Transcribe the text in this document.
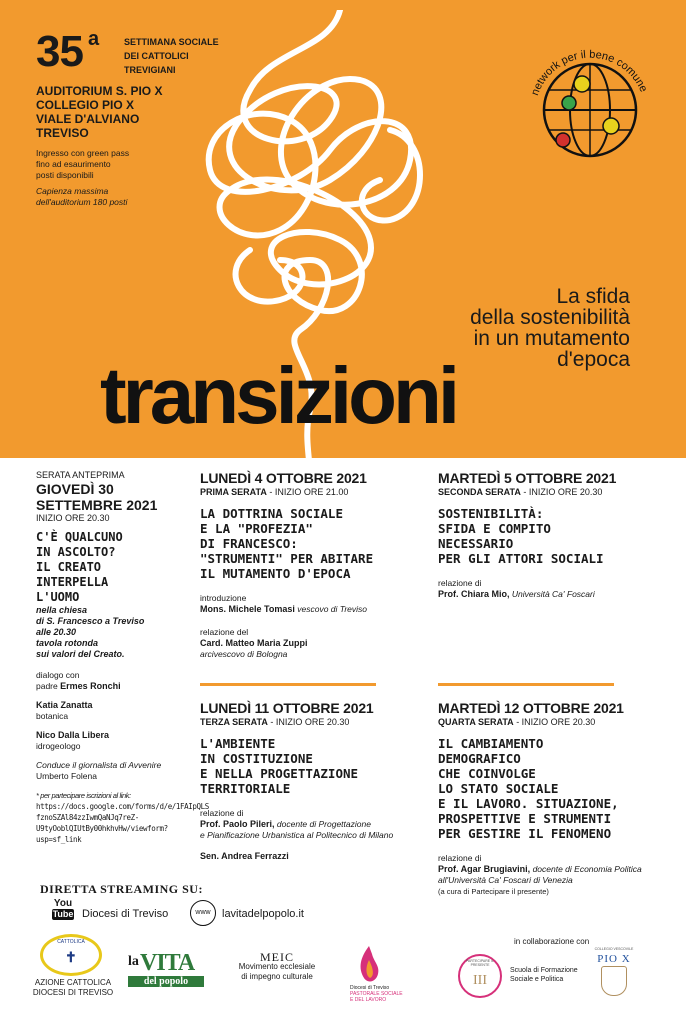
35 a	SETTIMANA SOCIALE
DEI CATTOLICI
TREVIGIANI
AUDITORIUM S. PIO X
COLLEGIO PIO X
VIALE D'ALVIANO
TREVISO
Ingresso con green pass
fino ad esaurimento
posti disponibili
Capienza massima
dell'auditorium 180 posti
network per il bene comune
La sfida
della sostenibilità
in un mutamento
d'epoca
transizioni
SERATA ANTEPRIMA
GIOVEDÌ 30
SETTEMBRE 2021
INIZIO ORE 20.30
C'È QUALCUNO
IN ASCOLTO?
IL CREATO
INTERPELLA
L'UOMO
nella chiesa
di S. Francesco a Treviso
alle 20.30
tavola rotonda
sui valori del Creato.
dialogo con
padre Ermes Ronchi
Katia Zanatta
botanica
Nico Dalla Libera
idrogeologo
Conduce il giornalista di Avvenire
Umberto Folena
* per partecipare iscrizioni al link:
https://docs.google.com/forms/d/e/1FAIpQLS
fznoSZAl84zzIwmQaNJq7reZ-
U9tyOoblQIUtBy00hkhvHw/viewform?usp=sf_link
LUNEDÌ 4 OTTOBRE 2021
PRIMA SERATA - INIZIO ORE 21.00
LA DOTTRINA SOCIALE
E LA "PROFEZIA"
DI FRANCESCO:
"STRUMENTI" PER ABITARE
IL MUTAMENTO D'EPOCA
introduzione
Mons. Michele Tomasi vescovo di Treviso
relazione del
Card. Matteo Maria Zuppi
arcivescovo di Bologna
MARTEDÌ 5 OTTOBRE 2021
SECONDA SERATA - INIZIO ORE 20.30
SOSTENIBILITÀ:
SFIDA E COMPITO
NECESSARIO
PER GLI ATTORI SOCIALI
relazione di
Prof. Chiara Mio, Università Ca' Foscari
LUNEDÌ 11 OTTOBRE 2021
TERZA SERATA - INIZIO ORE 20.30
L'AMBIENTE
IN COSTITUZIONE
E NELLA PROGETTAZIONE
TERRITORIALE
relazione di
Prof. Paolo Pileri, docente di Progettazione
e Pianificazione Urbanistica al Politecnico di Milano
Sen. Andrea Ferrazzi
MARTEDÌ 12 OTTOBRE 2021
QUARTA SERATA - INIZIO ORE 20.30
IL CAMBIAMENTO
DEMOGRAFICO
CHE COINVOLGE
LO STATO SOCIALE
E IL LAVORO. SITUAZIONE,
PROSPETTIVE E STRUMENTI
PER GESTIRE IL FENOMENO
relazione di
Prof. Agar Brugiavini, docente di Economia Politica
all'Università Ca' Foscari di Venezia
(a cura di Partecipare il presente)
DIRETTA STREAMING SU:
You
Tube Diocesi di Treviso	www	lavitadelpopolo.it
CATTOLICA
✝
AZIONE CATTOLICA
DIOCESI DI TREVISO
la VITA
del popolo
MEIC
Movimento ecclesiale
di impegno culturale
Diocesi di Treviso
PASTORALE SOCIALE
E DEL LAVORO
in collaborazione con
PARTECIPARE IL PRESENTE
III
Scuola di Formazione
Sociale e Politica
COLLEGIO VESCOVILE
PIO X
